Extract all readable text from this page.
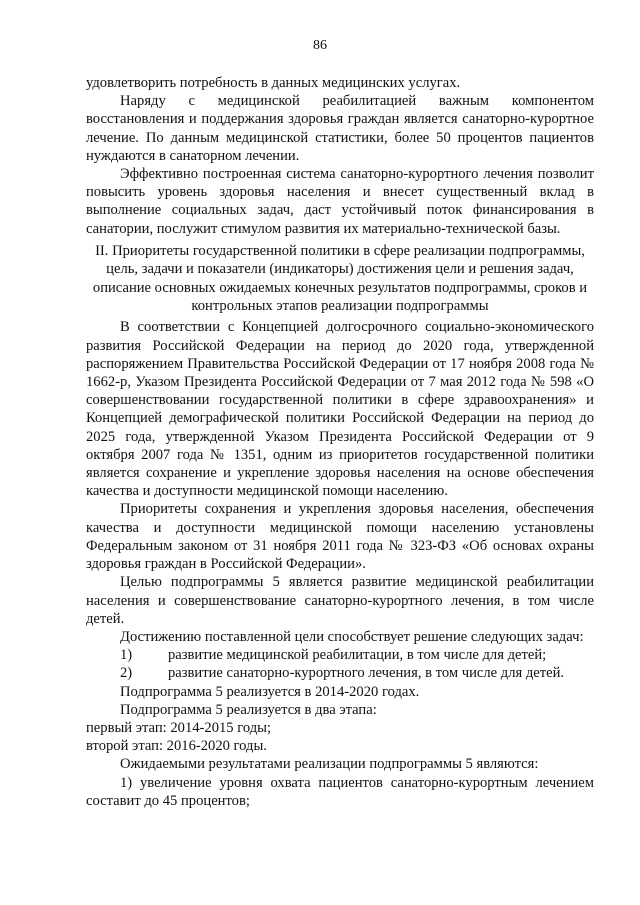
86

удовлетворить потребность в данных медицинских услугах.

Наряду с медицинской реабилитацией важным компонентом восстановления и поддержания здоровья граждан является санаторно-курортное лечение. По данным медицинской статистики, более 50 процентов пациентов нуждаются в санаторном лечении.

Эффективно построенная система санаторно-курортного лечения позволит повысить уровень здоровья населения и внесет существенный вклад в выполнение социальных задач, даст устойчивый поток финансирования в санатории, послужит стимулом развития их материально-технической базы.

II. Приоритеты государственной политики в сфере реализации подпрограммы, цель, задачи и показатели (индикаторы) достижения цели и решения задач, описание основных ожидаемых конечных результатов подпрограммы, сроков и контрольных этапов реализации подпрограммы

В соответствии с Концепцией долгосрочного социально-экономического развития Российской Федерации на период до 2020 года, утвержденной распоряжением Правительства Российской Федерации от 17 ноября 2008 года № 1662-р, Указом Президента Российской Федерации от 7 мая 2012 года № 598 «О совершенствовании государственной политики в сфере здравоохранения» и Концепцией демографической политики Российской Федерации на период до 2025 года, утвержденной Указом Президента Российской Федерации от 9 октября 2007 года № 1351, одним из приоритетов государственной политики является сохранение и укрепление здоровья населения на основе обеспечения качества и доступности медицинской помощи населению.

Приоритеты сохранения и укрепления здоровья населения, обеспечения качества и доступности медицинской помощи населению установлены Федеральным законом от 31 ноября 2011 года № 323-ФЗ «Об основах охраны здоровья граждан в Российской Федерации».

Целью подпрограммы 5 является развитие медицинской реабилитации населения и совершенствование санаторно-курортного лечения, в том числе детей.

Достижению поставленной цели способствует решение следующих задач:

1)	развитие медицинской реабилитации, в том числе для детей;
2)	развитие санаторно-курортного лечения, в том числе для детей.

Подпрограмма 5 реализуется в 2014-2020 годах.

Подпрограмма 5 реализуется в два этапа:

первый этап: 2014-2015 годы;

второй этап: 2016-2020 годы.

Ожидаемыми результатами реализации подпрограммы 5 являются:

1) увеличение уровня охвата пациентов санаторно-курортным лечением составит до 45 процентов;
